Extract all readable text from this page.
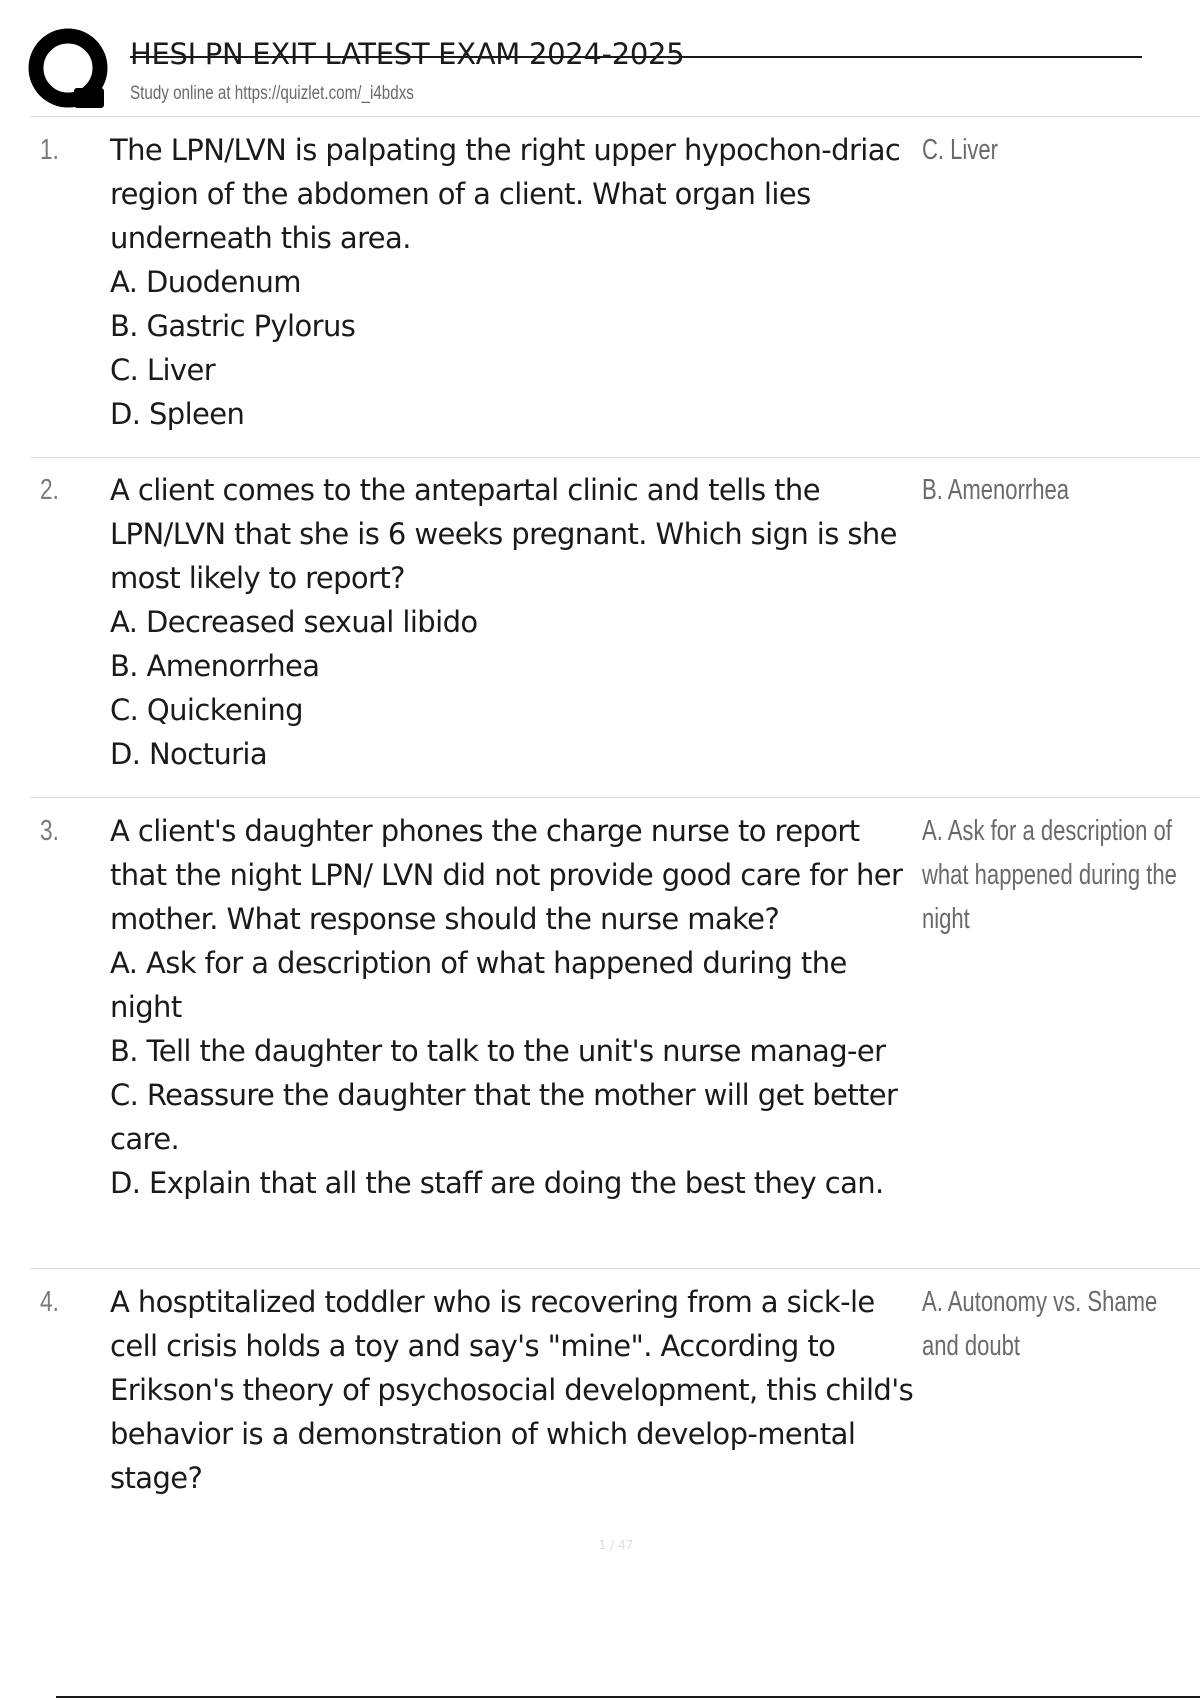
HESI PN EXIT LATEST EXAM 2024-2025
Study online at https://quizlet.com/_i4bdxs
1. The LPN/LVN is palpating the right upper hypochon-driac region of the abdomen of a client. What organ lies underneath this area.
A. Duodenum
B. Gastric Pylorus
C. Liver
D. Spleen
C. Liver
2. A client comes to the antepartal clinic and tells the LPN/LVN that she is 6 weeks pregnant. Which sign is she most likely to report?
A. Decreased sexual libido
B. Amenorrhea
C. Quickening
D. Nocturia
B. Amenorrhea
3. A client's daughter phones the charge nurse to report that the night LPN/ LVN did not provide good care for her mother. What response should the nurse make?
A. Ask for a description of what happened during the night
B. Tell the daughter to talk to the unit's nurse manag-er
C. Reassure the daughter that the mother will get better care.
D. Explain that all the staff are doing the best they can.
A. Ask for a description of what happened during the night
4. A hosptitalized toddler who is recovering from a sick-le cell crisis holds a toy and say's "mine". According to Erikson's theory of psychosocial development, this child's behavior is a demonstration of which develop-mental stage?
A. Autonomy vs. Shame and doubt
1 / 47
